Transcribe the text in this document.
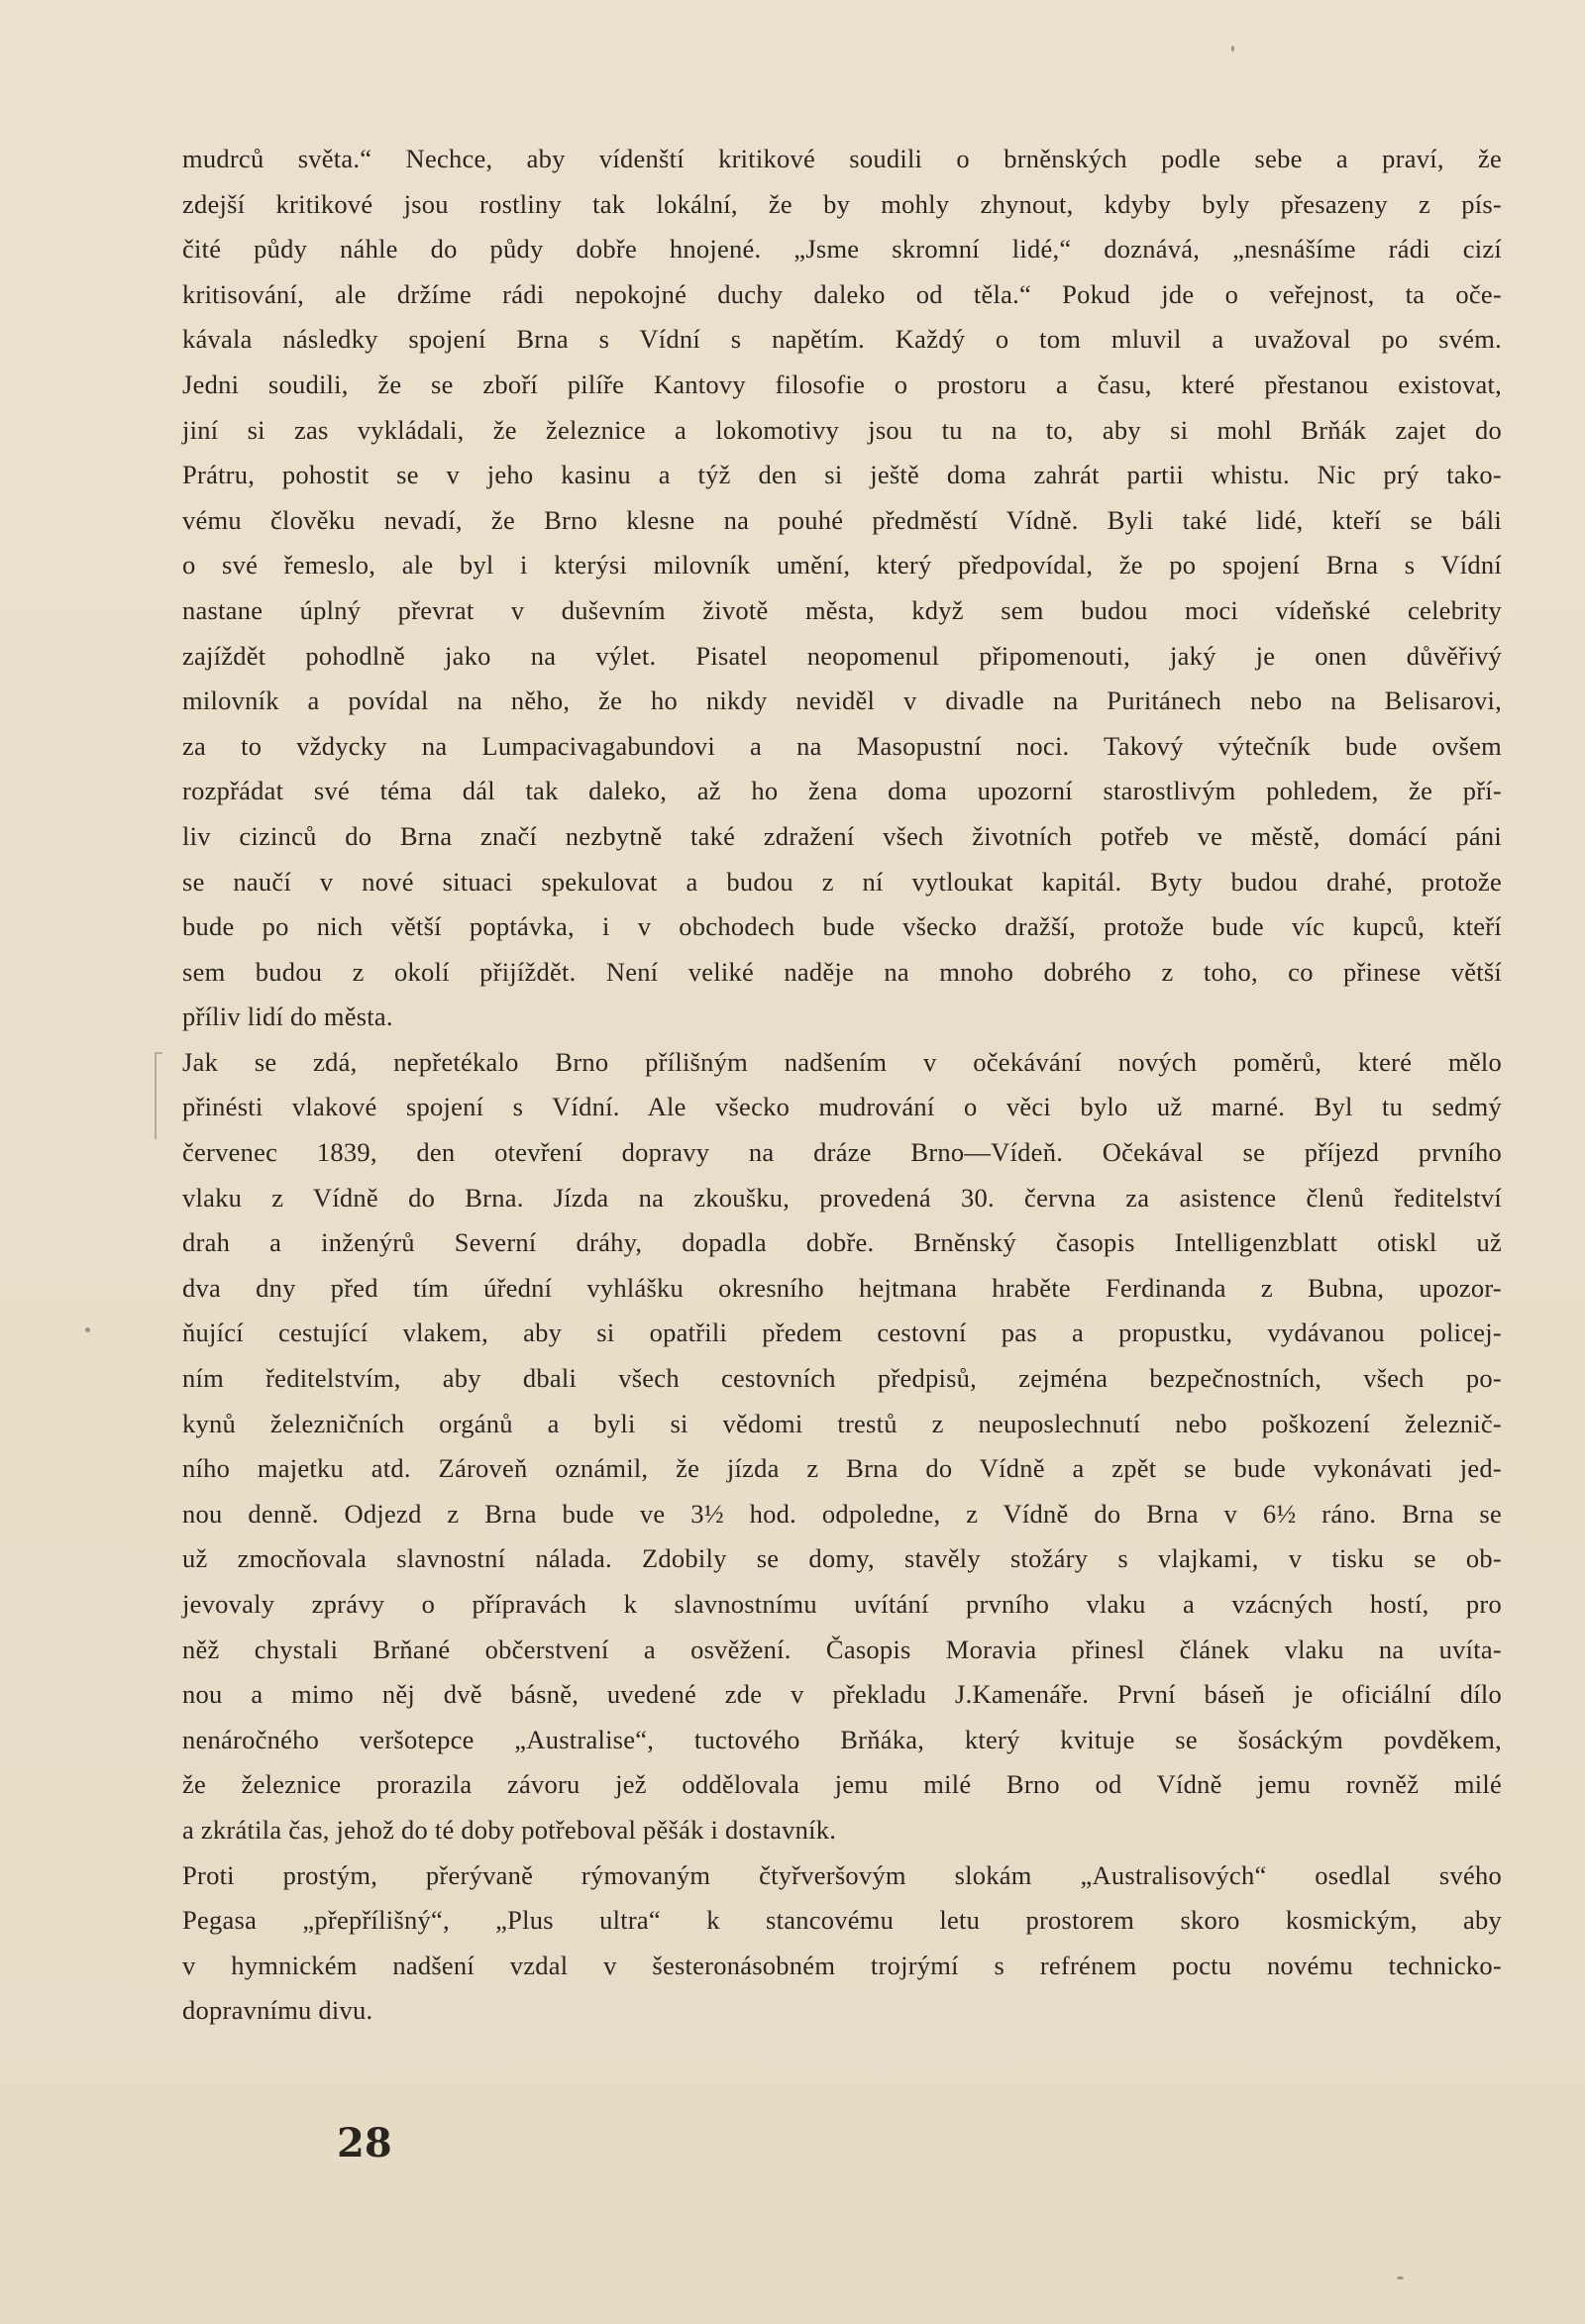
mudrců světa.“ Nechce, aby vídenští kritikové soudili o brněnských podle sebe a praví, že
zdejší kritikové jsou rostliny tak lokální, že by mohly zhynout, kdyby byly přesazeny z pís-
čité půdy náhle do půdy dobře hnojené. „Jsme skromní lidé,“ doznává, „nesnášíme rádi cizí
kritisování, ale držíme rádi nepokojné duchy daleko od těla.“ Pokud jde o veřejnost, ta oče-
kávala následky spojení Brna s Vídní s napětím. Každý o tom mluvil a uvažoval po svém.
Jedni soudili, že se zboří pilíře Kantovy filosofie o prostoru a času, které přestanou existovat,
jiní si zas vykládali, že železnice a lokomotivy jsou tu na to, aby si mohl Brňák zajet do
Prátru, pohostit se v jeho kasinu a týž den si ještě doma zahrát partii whistu. Nic prý tako-
vému člověku nevadí, že Brno klesne na pouhé předměstí Vídně. Byli také lidé, kteří se báli
o své řemeslo, ale byl i kterýsi milovník umění, který předpovídal, že po spojení Brna s Vídní
nastane úplný převrat v duševním životě města, když sem budou moci vídeňské celebrity
zajíždět pohodlně jako na výlet. Pisatel neopomenul připomenouti, jaký je onen důvěřivý
milovník a povídal na něho, že ho nikdy neviděl v divadle na Puritánech nebo na Belisarovi,
za to vždycky na Lumpacivagabundovi a na Masopustní noci. Takový výtečník bude ovšem
rozpřádat své téma dál tak daleko, až ho žena doma upozorní starostlivým pohledem, že pří-
liv cizinců do Brna značí nezbytně také zdražení všech životních potřeb ve městě, domácí páni
se naučí v nové situaci spekulovat a budou z ní vytloukat kapitál. Byty budou drahé, protože
bude po nich větší poptávka, i v obchodech bude všecko dražší, protože bude víc kupců, kteří
sem budou z okolí přijíždět. Není veliké naděje na mnoho dobrého z toho, co přinese větší
příliv lidí do města.
Jak se zdá, nepřetékalo Brno přílišným nadšením v očekávání nových poměrů, které mělo
přinésti vlakové spojení s Vídní. Ale všecko mudrování o věci bylo už marné. Byl tu sedmý
červenec 1839, den otevření dopravy na dráze Brno—Vídeň. Očekával se příjezd prvního
vlaku z Vídně do Brna. Jízda na zkoušku, provedená 30. června za asistence členů ředitelství
drah a inženýrů Severní dráhy, dopadla dobře. Brněnský časopis Intelligenzblatt otiskl už
dva dny před tím úřední vyhlášku okresního hejtmana hraběte Ferdinanda z Bubna, upozor-
ňující cestující vlakem, aby si opatřili předem cestovní pas a propustku, vydávanou policej-
ním ředitelstvím, aby dbali všech cestovních předpisů, zejména bezpečnostních, všech po-
kynů železničních orgánů a byli si vědomi trestů z neuposlechnutí nebo poškození železnič-
ního majetku atd. Zároveň oznámil, že jízda z Brna do Vídně a zpět se bude vykonávati jed-
nou denně. Odjezd z Brna bude ve 3½ hod. odpoledne, z Vídně do Brna v 6½ ráno. Brna se
už zmocňovala slavnostní nálada. Zdobily se domy, stavěly stožáry s vlajkami, v tisku se ob-
jevovaly zprávy o přípravách k slavnostnímu uvítání prvního vlaku a vzácných hostí, pro
něž chystali Brňané občerstvení a osvěžení. Časopis Moravia přinesl článek vlaku na uvíta-
nou a mimo něj dvě básně, uvedené zde v překladu J.Kamenáře. První báseň je oficiální dílo
nenáročného veršotepce „Australise“, tuctového Brňáka, který kvituje se šosáckým povděkem,
že železnice prorazila závoru jež oddělovala jemu milé Brno od Vídně jemu rovněž milé
a zkrátila čas, jehož do té doby potřeboval pěšák i dostavník.
Proti prostým, přerývaně rýmovaným čtyřveršovým slokám „Australisových“ osedlal svého
Pegasa „přepřílišný“, „Plus ultra“ k stancovému letu prostorem skoro kosmickým, aby
v hymnickém nadšení vzdal v šesteronásobném trojrýmí s refrénem poctu novému technicko-
dopravnímu divu.
28
